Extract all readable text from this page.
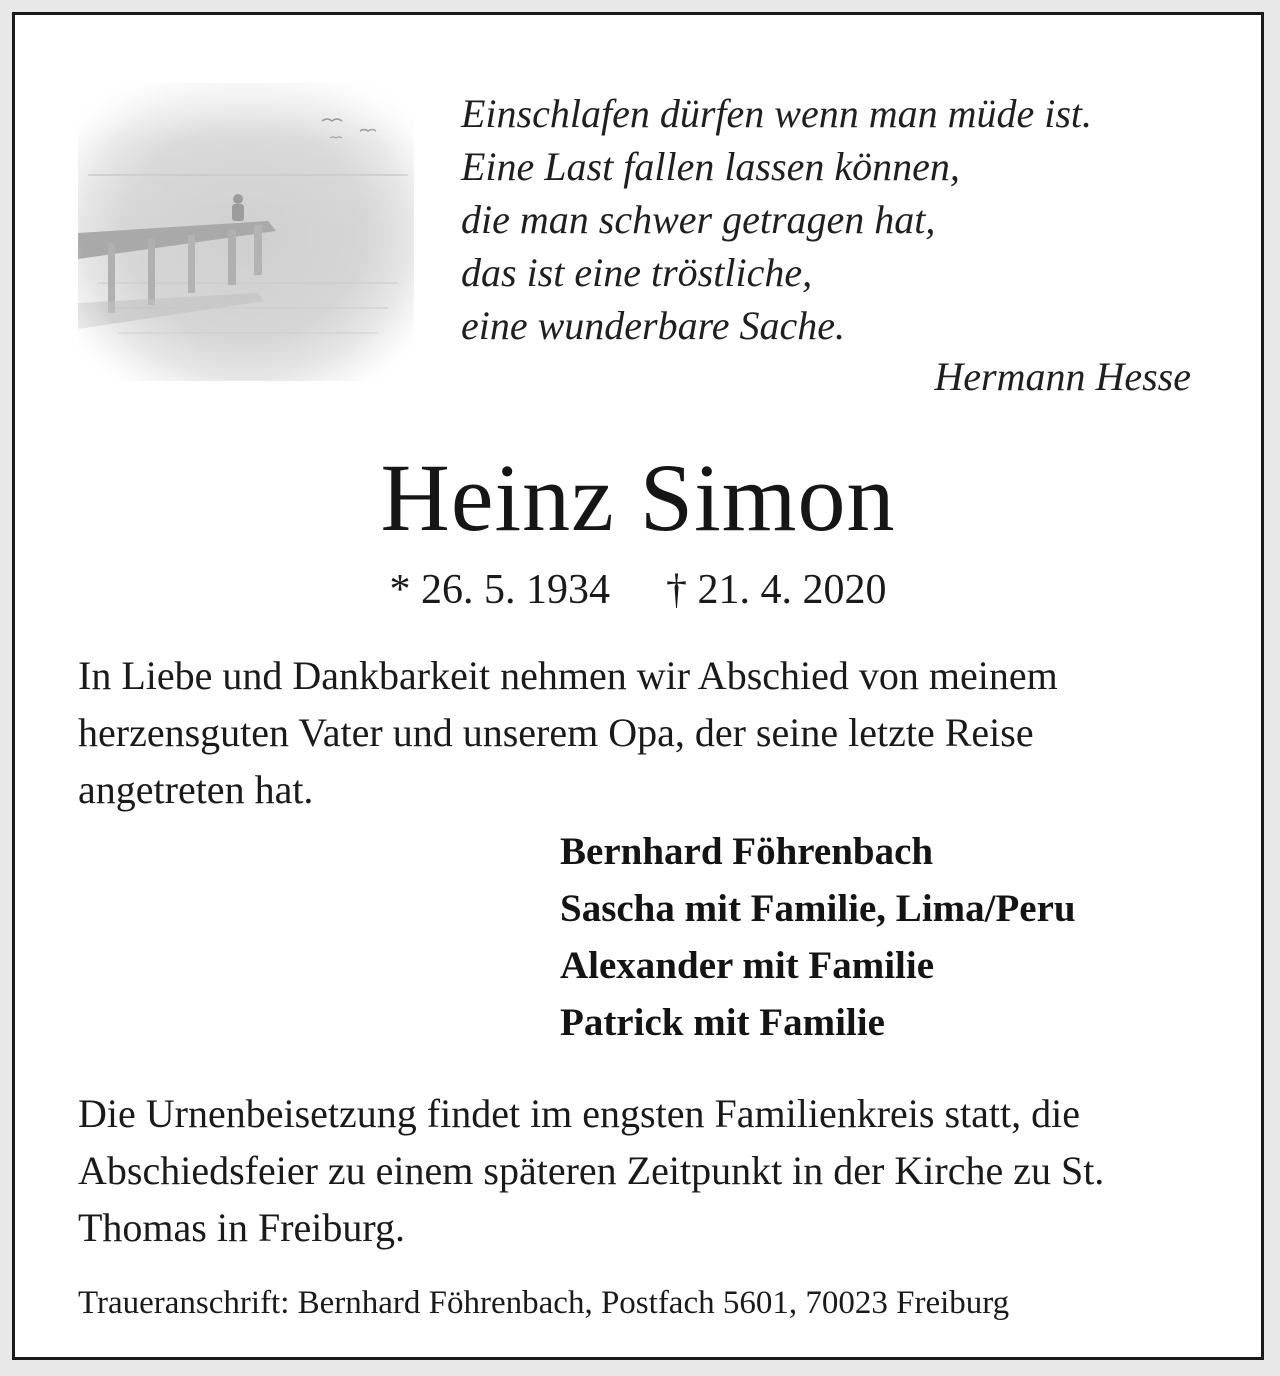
Einschlafen dürfen wenn man müde ist.
Eine Last fallen lassen können,
die man schwer getragen hat,
das ist eine tröstliche,
eine wunderbare Sache.
Hermann Hesse
Heinz Simon
* 26. 5. 1934 † 21. 4. 2020
In Liebe und Dankbarkeit nehmen wir Abschied von meinem herzensguten Vater und unserem Opa, der seine letzte Reise angetreten hat.
Bernhard Föhrenbach
Sascha mit Familie, Lima/Peru
Alexander mit Familie
Patrick mit Familie
Die Urnenbeisetzung findet im engsten Familienkreis statt, die Abschiedsfeier zu einem späteren Zeitpunkt in der Kirche zu St. Thomas in Freiburg.
Traueranschrift: Bernhard Föhrenbach, Postfach 5601, 70023 Freiburg
